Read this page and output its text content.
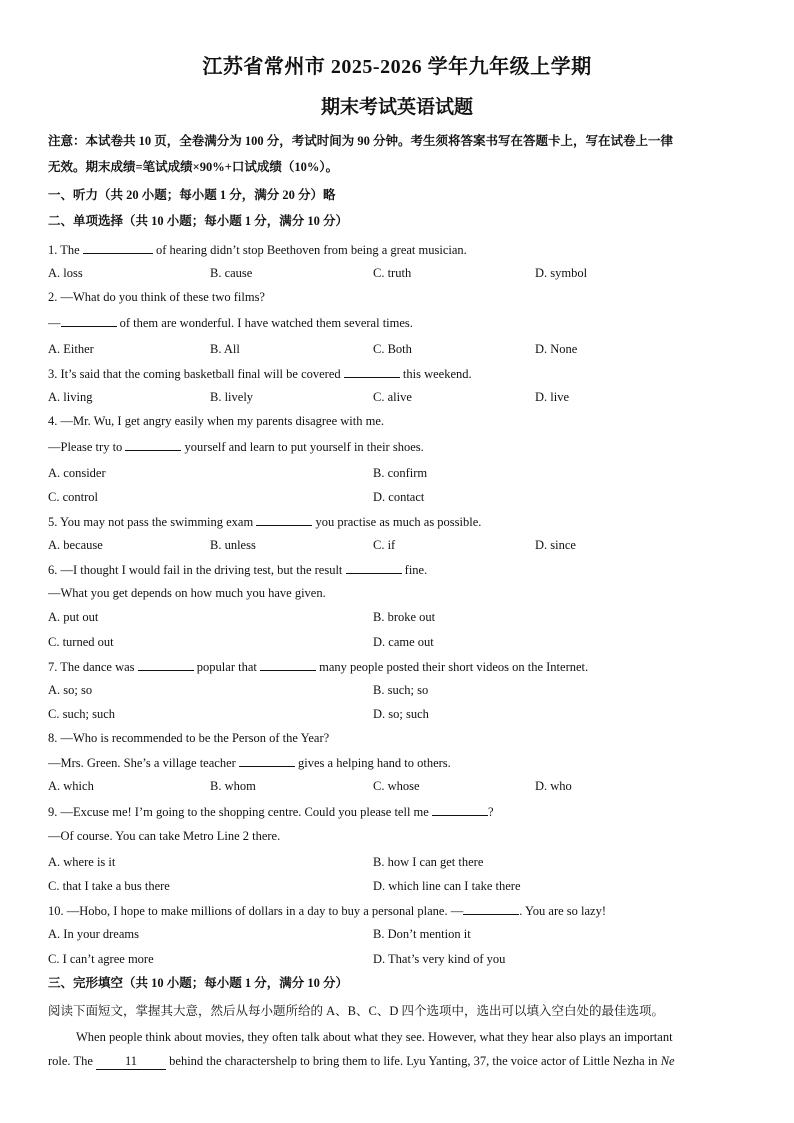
江苏省常州市 2025-2026 学年九年级上学期
期末考试英语试题
注意：本试卷共 10 页，全卷满分为 100 分，考试时间为 90 分钟。考生须将答案书写在答题卡上，写在试卷上一律
无效。期末成绩=笔试成绩×90%+口试成绩（10%）。
一、听力（共 20 小题；每小题 1 分，满分 20 分）略
二、单项选择（共 10 小题；每小题 1 分，满分 10 分）
1. The	of hearing didn’t stop Beethoven from being a great musician.
A. loss	B. cause	C. truth	D. symbol
2. —What do you think of these two films?
—	of them are wonderful. I have watched them several times.
A. Either	B. All	C. Both	D. None
3. It’s said that the coming basketball final will be covered	this weekend.
A. living	B. lively	C. alive	D. live
4. —Mr. Wu, I get angry easily when my parents disagree with me.
—Please try to	yourself and learn to put yourself in their shoes.
A. consider	B. confirm
C. control	D. contact
5. You may not pass the swimming exam	you practise as much as possible.
A. because	B. unless	C. if	D. since
6. —I thought I would fail in the driving test, but the result	fine.
—What you get depends on how much you have given.
A. put out	B. broke out
C. turned out	D. came out
7. The dance was	popular that	many people posted their short videos on the Internet.
A. so; so	B. such; so
C. such; such	D. so; such
8. —Who is recommended to be the Person of the Year?
—Mrs. Green. She’s a village teacher	gives a helping hand to others.
A. which	B. whom	C. whose	D. who
9. —Excuse me! I’m going to the shopping centre. Could you please tell me	?
—Of course. You can take Metro Line 2 there.
A. where is it	B. how I can get there
C. that I take a bus there	D. which line can I take there
10. —Hobo, I hope to make millions of dollars in a day to buy a personal plane. —	. You are so lazy!
A. In your dreams	B. Don’t mention it
C. I can’t agree more	D. That’s very kind of you
三、完形填空（共 10 小题；每小题 1 分，满分 10 分）
阅读下面短文，掌握其大意，然后从每小题所给的 A、B、C、D 四个选项中，选出可以填入空白处的最佳选项。
When people think about movies, they often talk about what they see. However, what they hear also plays an important
role. The	11	behind the charactershelp to bring them to life. Lyu Yanting, 37, the voice actor of Little Nezha in Ne
